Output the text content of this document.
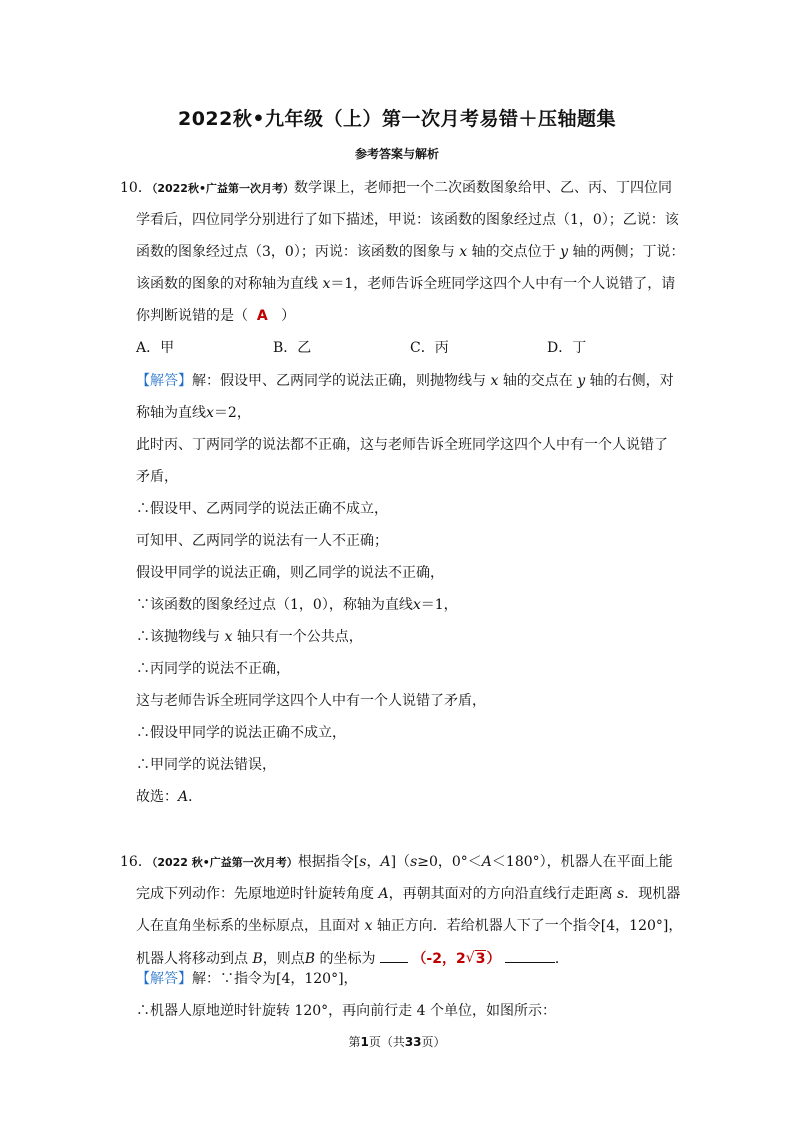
2022秋•九年级（上）第一次月考易错＋压轴题集
参考答案与解析
10．（2022秋•广益第一次月考）数学课上，老师把一个二次函数图象给甲、乙、丙、丁四位同
学看后，四位同学分别进行了如下描述，甲说：该函数的图象经过点（1，0）；乙说：该
函数的图象经过点（3，0）；丙说：该函数的图象与 x 轴的交点位于 y 轴的两侧；丁说：
该函数的图象的对称轴为直线 x＝1，老师告诉全班同学这四个人中有一个人说错了，请
你判断说错的是（ A ）
A．甲	B．乙	C．丙	D．丁
【解答】解：假设甲、乙两同学的说法正确，则抛物线与 x 轴的交点在 y 轴的右侧，对
称轴为直线x＝2，
此时丙、丁两同学的说法都不正确，这与老师告诉全班同学这四个人中有一个人说错了
矛盾，
∴假设甲、乙两同学的说法正确不成立，
可知甲、乙两同学的说法有一人不正确；
假设甲同学的说法正确，则乙同学的说法不正确，
∵该函数的图象经过点（1，0），称轴为直线x＝1，
∴该抛物线与 x 轴只有一个公共点，
∴丙同学的说法不正确，
这与老师告诉全班同学这四个人中有一个人说错了矛盾，
∴假设甲同学的说法正确不成立，
∴甲同学的说法错误，
故选：A．
16．（2022 秋•广益第一次月考）根据指令[s，A]（s≥0，0°＜A＜180°），机器人在平面上能
完成下列动作：先原地逆时针旋转角度 A，再朝其面对的方向沿直线行走距离 s．现机器
人在直角坐标系的坐标原点，且面对 x 轴正方向．若给机器人下了一个指令[4，120°]，
机器人将移动到点 B，则点B 的坐标为	（-2，2 √ 3）	．
【解答】解：∵指令为[4，120°]，
第1页（共33页）
∴机器人原地逆时针旋转 120°，再向前行走 4 个单位，如图所示：
